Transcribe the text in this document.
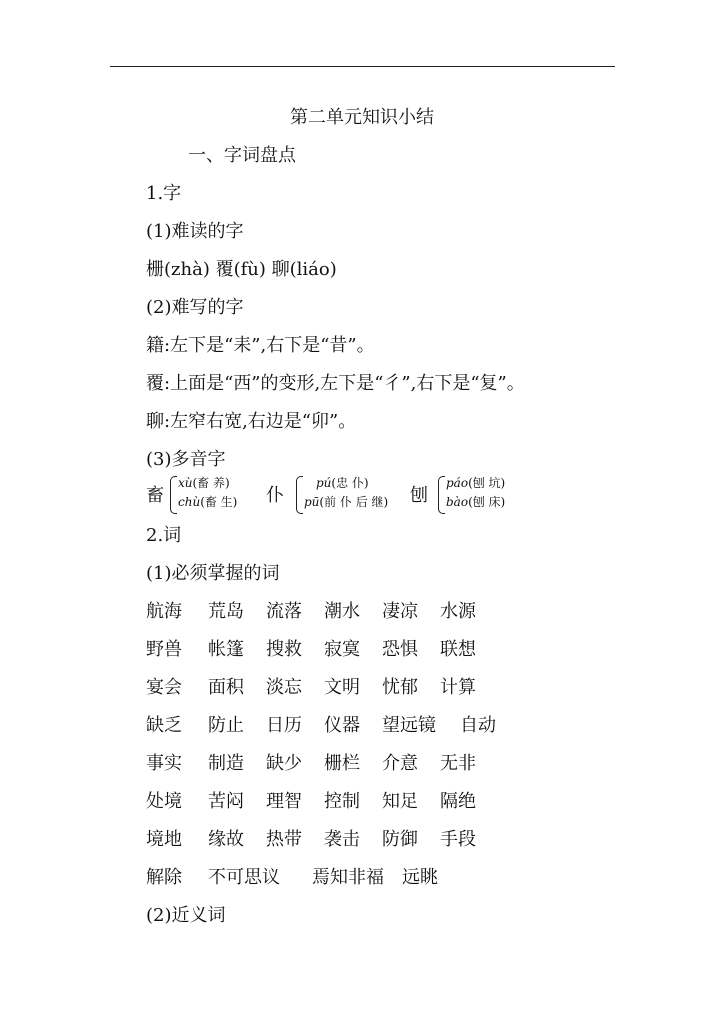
第二单元知识小结
一、字词盘点
1.字
(1)难读的字
栅(zhà) 覆(fù) 聊(liáo)
(2)难写的字
籍:左下是“耒”,右下是“昔”。
覆:上面是“西”的变形,左下是“彳”,右下是“复”。
聊:左窄右宽,右边是“卯”。
(3)多音字
畜
xù(畜 养)
chù(畜 生) 仆
pú(忠 仆)
pū(前 仆 后 继) 刨
páo(刨 坑)
bào(刨 床)
2.词
(1)必须掌握的词
航海 荒岛 流落 潮水 凄凉 水源
野兽 帐篷 搜救 寂寞 恐惧 联想
宴会 面积 淡忘 文明 忧郁 计算
缺乏 防止 日历 仪器 望远镜 自动
事实 制造 缺少 栅栏 介意 无非
处境 苦闷 理智 控制 知足 隔绝
境地 缘故 热带 袭击 防御 手段
解除 不可思议 焉知非福 远眺
(2)近义词
